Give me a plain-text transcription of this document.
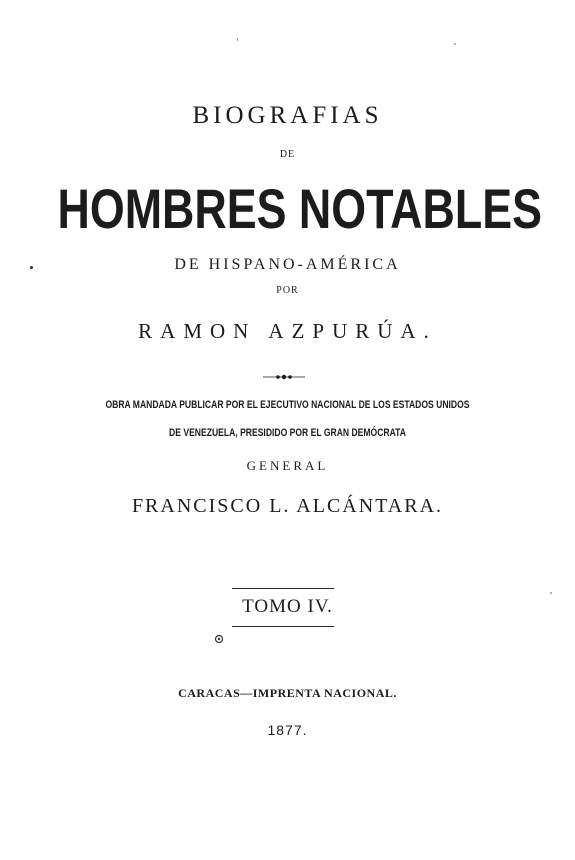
BIOGRAFIAS
DE
HOMBRES NOTABLES
DE HISPANO-AMÉRICA
POR
RAMON AZPURÚA.
OBRA MANDADA PUBLICAR POR EL EJECUTIVO NACIONAL DE LOS ESTADOS UNIDOS
DE VENEZUELA, PRESIDIDO POR EL GRAN DEMÓCRATA
GENERAL
FRANCISCO L. ALCÁNTARA.
TOMO IV.
CARACAS—IMPRENTA NACIONAL.
1877.
